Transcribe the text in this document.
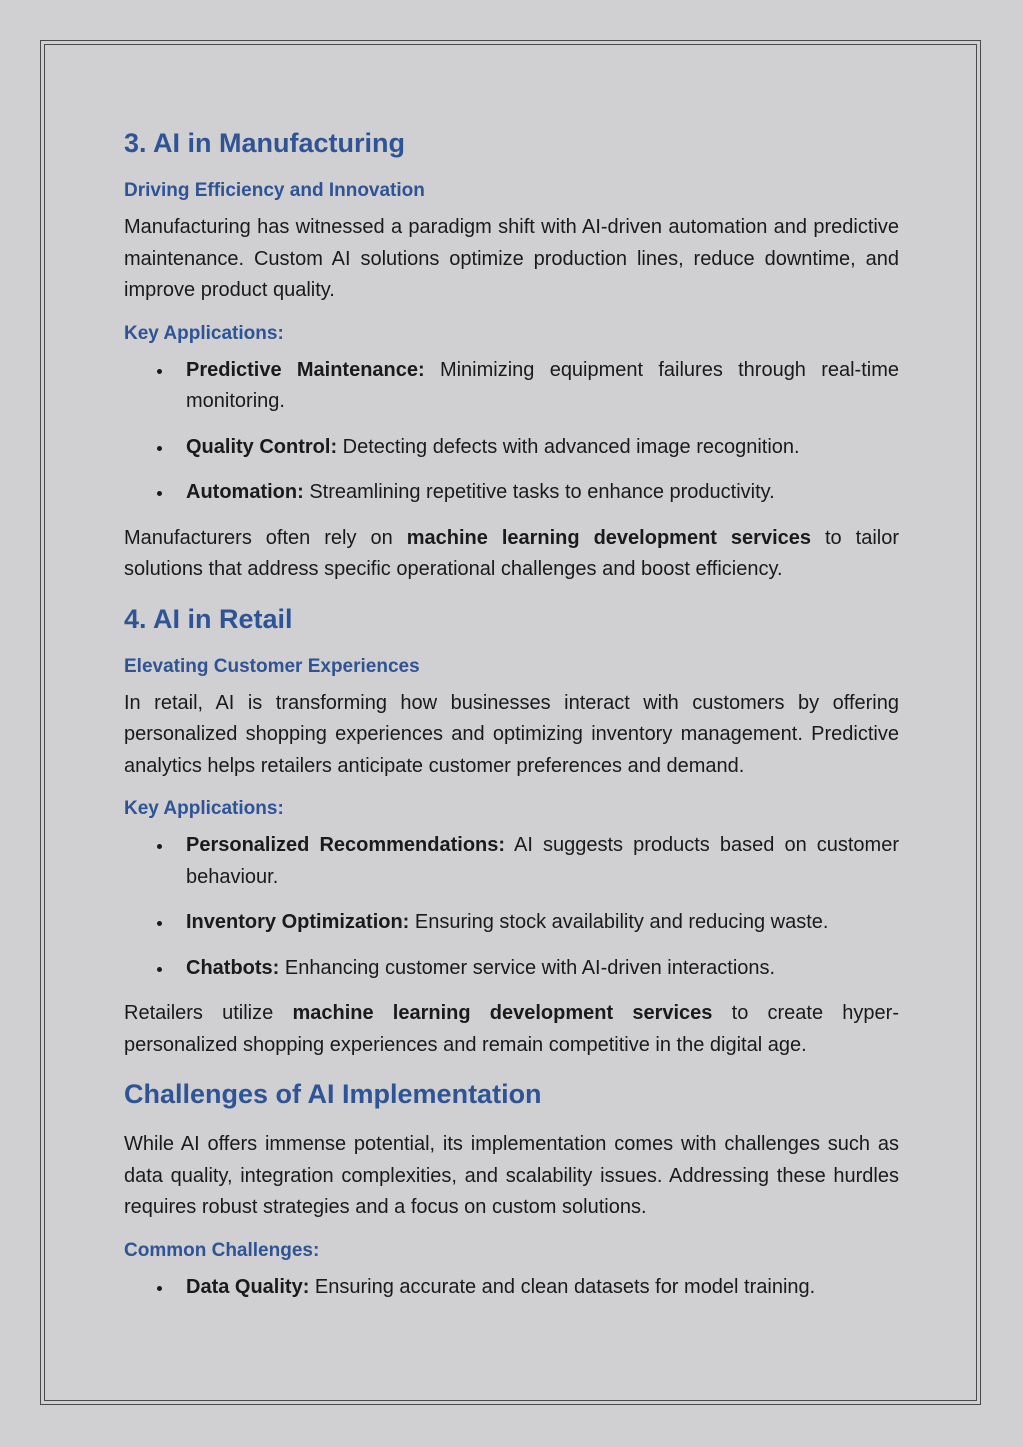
3. AI in Manufacturing
Driving Efficiency and Innovation

Manufacturing has witnessed a paradigm shift with AI-driven automation and predictive maintenance. Custom AI solutions optimize production lines, reduce downtime, and improve product quality.

Key Applications:
Predictive Maintenance: Minimizing equipment failures through real-time monitoring.
Quality Control: Detecting defects with advanced image recognition.
Automation: Streamlining repetitive tasks to enhance productivity.

Manufacturers often rely on machine learning development services to tailor solutions that address specific operational challenges and boost efficiency.

4. AI in Retail
Elevating Customer Experiences

In retail, AI is transforming how businesses interact with customers by offering personalized shopping experiences and optimizing inventory management. Predictive analytics helps retailers anticipate customer preferences and demand.

Key Applications:
Personalized Recommendations: AI suggests products based on customer behaviour.
Inventory Optimization: Ensuring stock availability and reducing waste.
Chatbots: Enhancing customer service with AI-driven interactions.

Retailers utilize machine learning development services to create hyper-personalized shopping experiences and remain competitive in the digital age.

Challenges of AI Implementation

While AI offers immense potential, its implementation comes with challenges such as data quality, integration complexities, and scalability issues. Addressing these hurdles requires robust strategies and a focus on custom solutions.

Common Challenges:
Data Quality: Ensuring accurate and clean datasets for model training.
